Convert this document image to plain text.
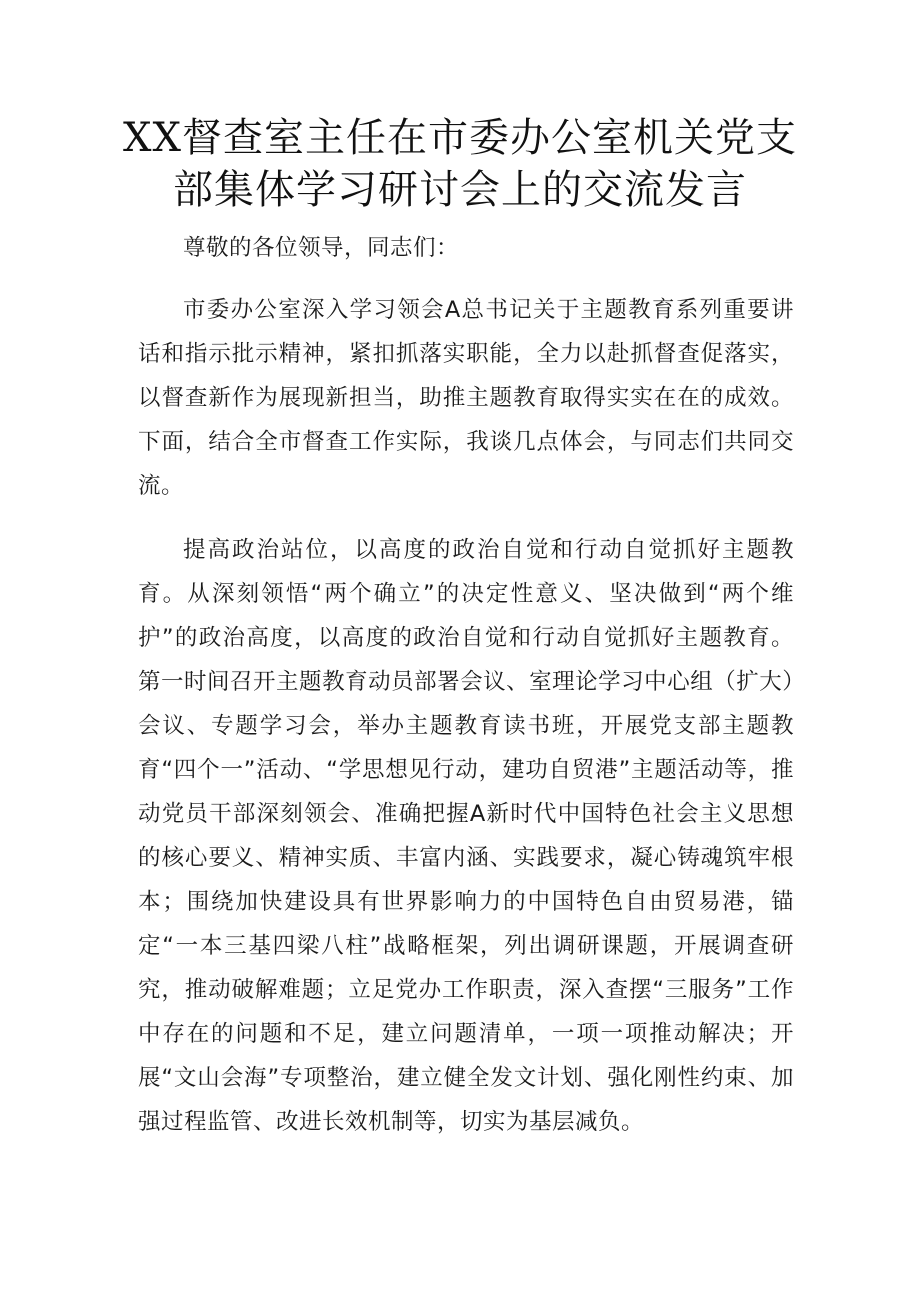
XX督查室主任在市委办公室机关党支部集体学习研讨会上的交流发言

尊敬的各位领导，同志们：

市委办公室深入学习领会A总书记关于主题教育系列重要讲话和指示批示精神，紧扣抓落实职能，全力以赴抓督查促落实，以督查新作为展现新担当，助推主题教育取得实实在在的成效。下面，结合全市督查工作实际，我谈几点体会，与同志们共同交流。

提高政治站位，以高度的政治自觉和行动自觉抓好主题教育。从深刻领悟“两个确立”的决定性意义、坚决做到“两个维护”的政治高度，以高度的政治自觉和行动自觉抓好主题教育。第一时间召开主题教育动员部署会议、室理论学习中心组（扩大）会议、专题学习会，举办主题教育读书班，开展党支部主题教育“四个一”活动、“学思想见行动，建功自贸港”主题活动等，推动党员干部深刻领会、准确把握A新时代中国特色社会主义思想的核心要义、精神实质、丰富内涵、实践要求，凝心铸魂筑牢根本；围绕加快建设具有世界影响力的中国特色自由贸易港，锚定“一本三基四梁八柱”战略框架，列出调研课题，开展调查研究，推动破解难题；立足党办工作职责，深入查摆“三服务”工作中存在的问题和不足，建立问题清单，一项一项推动解决；开展“文山会海”专项整治，建立健全发文计划、强化刚性约束、加强过程监管、改进长效机制等，切实为基层减负。
